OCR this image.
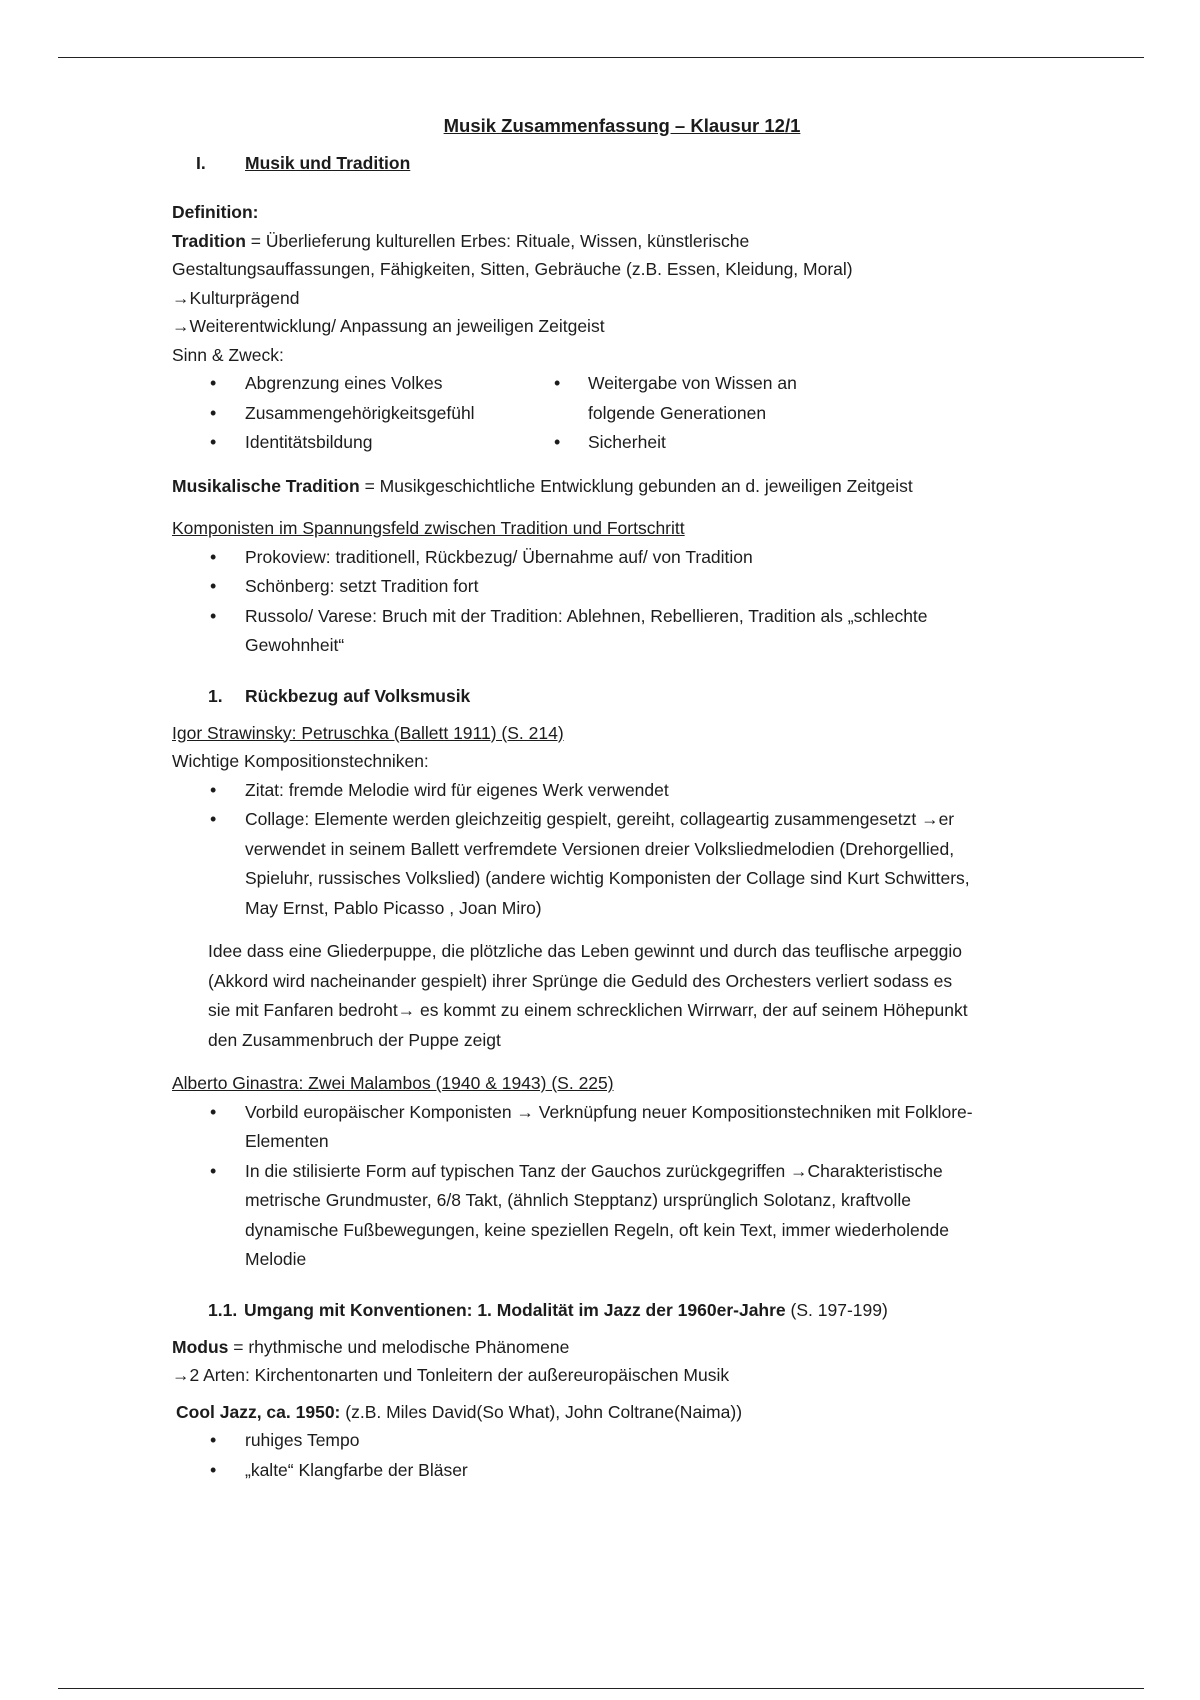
Musik Zusammenfassung – Klausur 12/1

I. Musik und Tradition

Definition:

Tradition = Überlieferung kulturellen Erbes: Rituale, Wissen, künstlerische

Gestaltungsauffassungen, Fähigkeiten, Sitten, Gebräuche (z.B. Essen, Kleidung, Moral)

→Kulturprägend

→Weiterentwicklung/ Anpassung an jeweiligen Zeitgeist

Sinn & Zweck:

• Abgrenzung eines Volkes
• Zusammengehörigkeitsgefühl
• Identitätsbildung
• Weitergabe von Wissen an folgende Generationen
• Sicherheit

Musikalische Tradition = Musikgeschichtliche Entwicklung gebunden an d. jeweiligen Zeitgeist

Komponisten im Spannungsfeld zwischen Tradition und Fortschritt

• Prokoview: traditionell, Rückbezug/ Übernahme auf/ von Tradition
• Schönberg: setzt Tradition fort
• Russolo/ Varese: Bruch mit der Tradition: Ablehnen, Rebellieren, Tradition als „schlechte Gewohnheit“
1. Rückbezug auf Volksmusik

Igor Strawinsky: Petruschka (Ballett 1911) (S. 214)

Wichtige Kompositionstechniken:

• Zitat: fremde Melodie wird für eigenes Werk verwendet
• Collage: Elemente werden gleichzeitig gespielt, gereiht, collageartig zusammengesetzt →er verwendet in seinem Ballett verfremdete Versionen dreier Volksliedmelodien (Drehorgellied, Spieluhr, russisches Volkslied) (andere wichtig Komponisten der Collage sind Kurt Schwitters, May Ernst, Pablo Picasso , Joan Miro)

Idee dass eine Gliederpuppe, die plötzliche das Leben gewinnt und durch das teuflische arpeggio (Akkord wird nacheinander gespielt) ihrer Sprünge die Geduld des Orchesters verliert sodass es sie mit Fanfaren bedroht→ es kommt zu einem schrecklichen Wirrwarr, der auf seinem Höhepunkt den Zusammenbruch der Puppe zeigt

Alberto Ginastra: Zwei Malambos (1940 & 1943) (S. 225)

• Vorbild europäischer Komponisten → Verknüpfung neuer Kompositionstechniken mit Folklore-Elementen
• In die stilisierte Form auf typischen Tanz der Gauchos zurückgegriffen →Charakteristische metrische Grundmuster, 6/8 Takt, (ähnlich Stepptanz) ursprünglich Solotanz, kraftvolle dynamische Fußbewegungen, keine speziellen Regeln, oft kein Text, immer wiederholende Melodie
1.1. Umgang mit Konventionen: 1. Modalität im Jazz der 1960er-Jahre (S. 197-199)

Modus = rhythmische und melodische Phänomene

→2 Arten: Kirchentonarten und Tonleitern der außereuropäischen Musik

Cool Jazz, ca. 1950: (z.B. Miles David(So What), John Coltrane(Naima))

• ruhiges Tempo
• „kalte“ Klangfarbe der Bläser
